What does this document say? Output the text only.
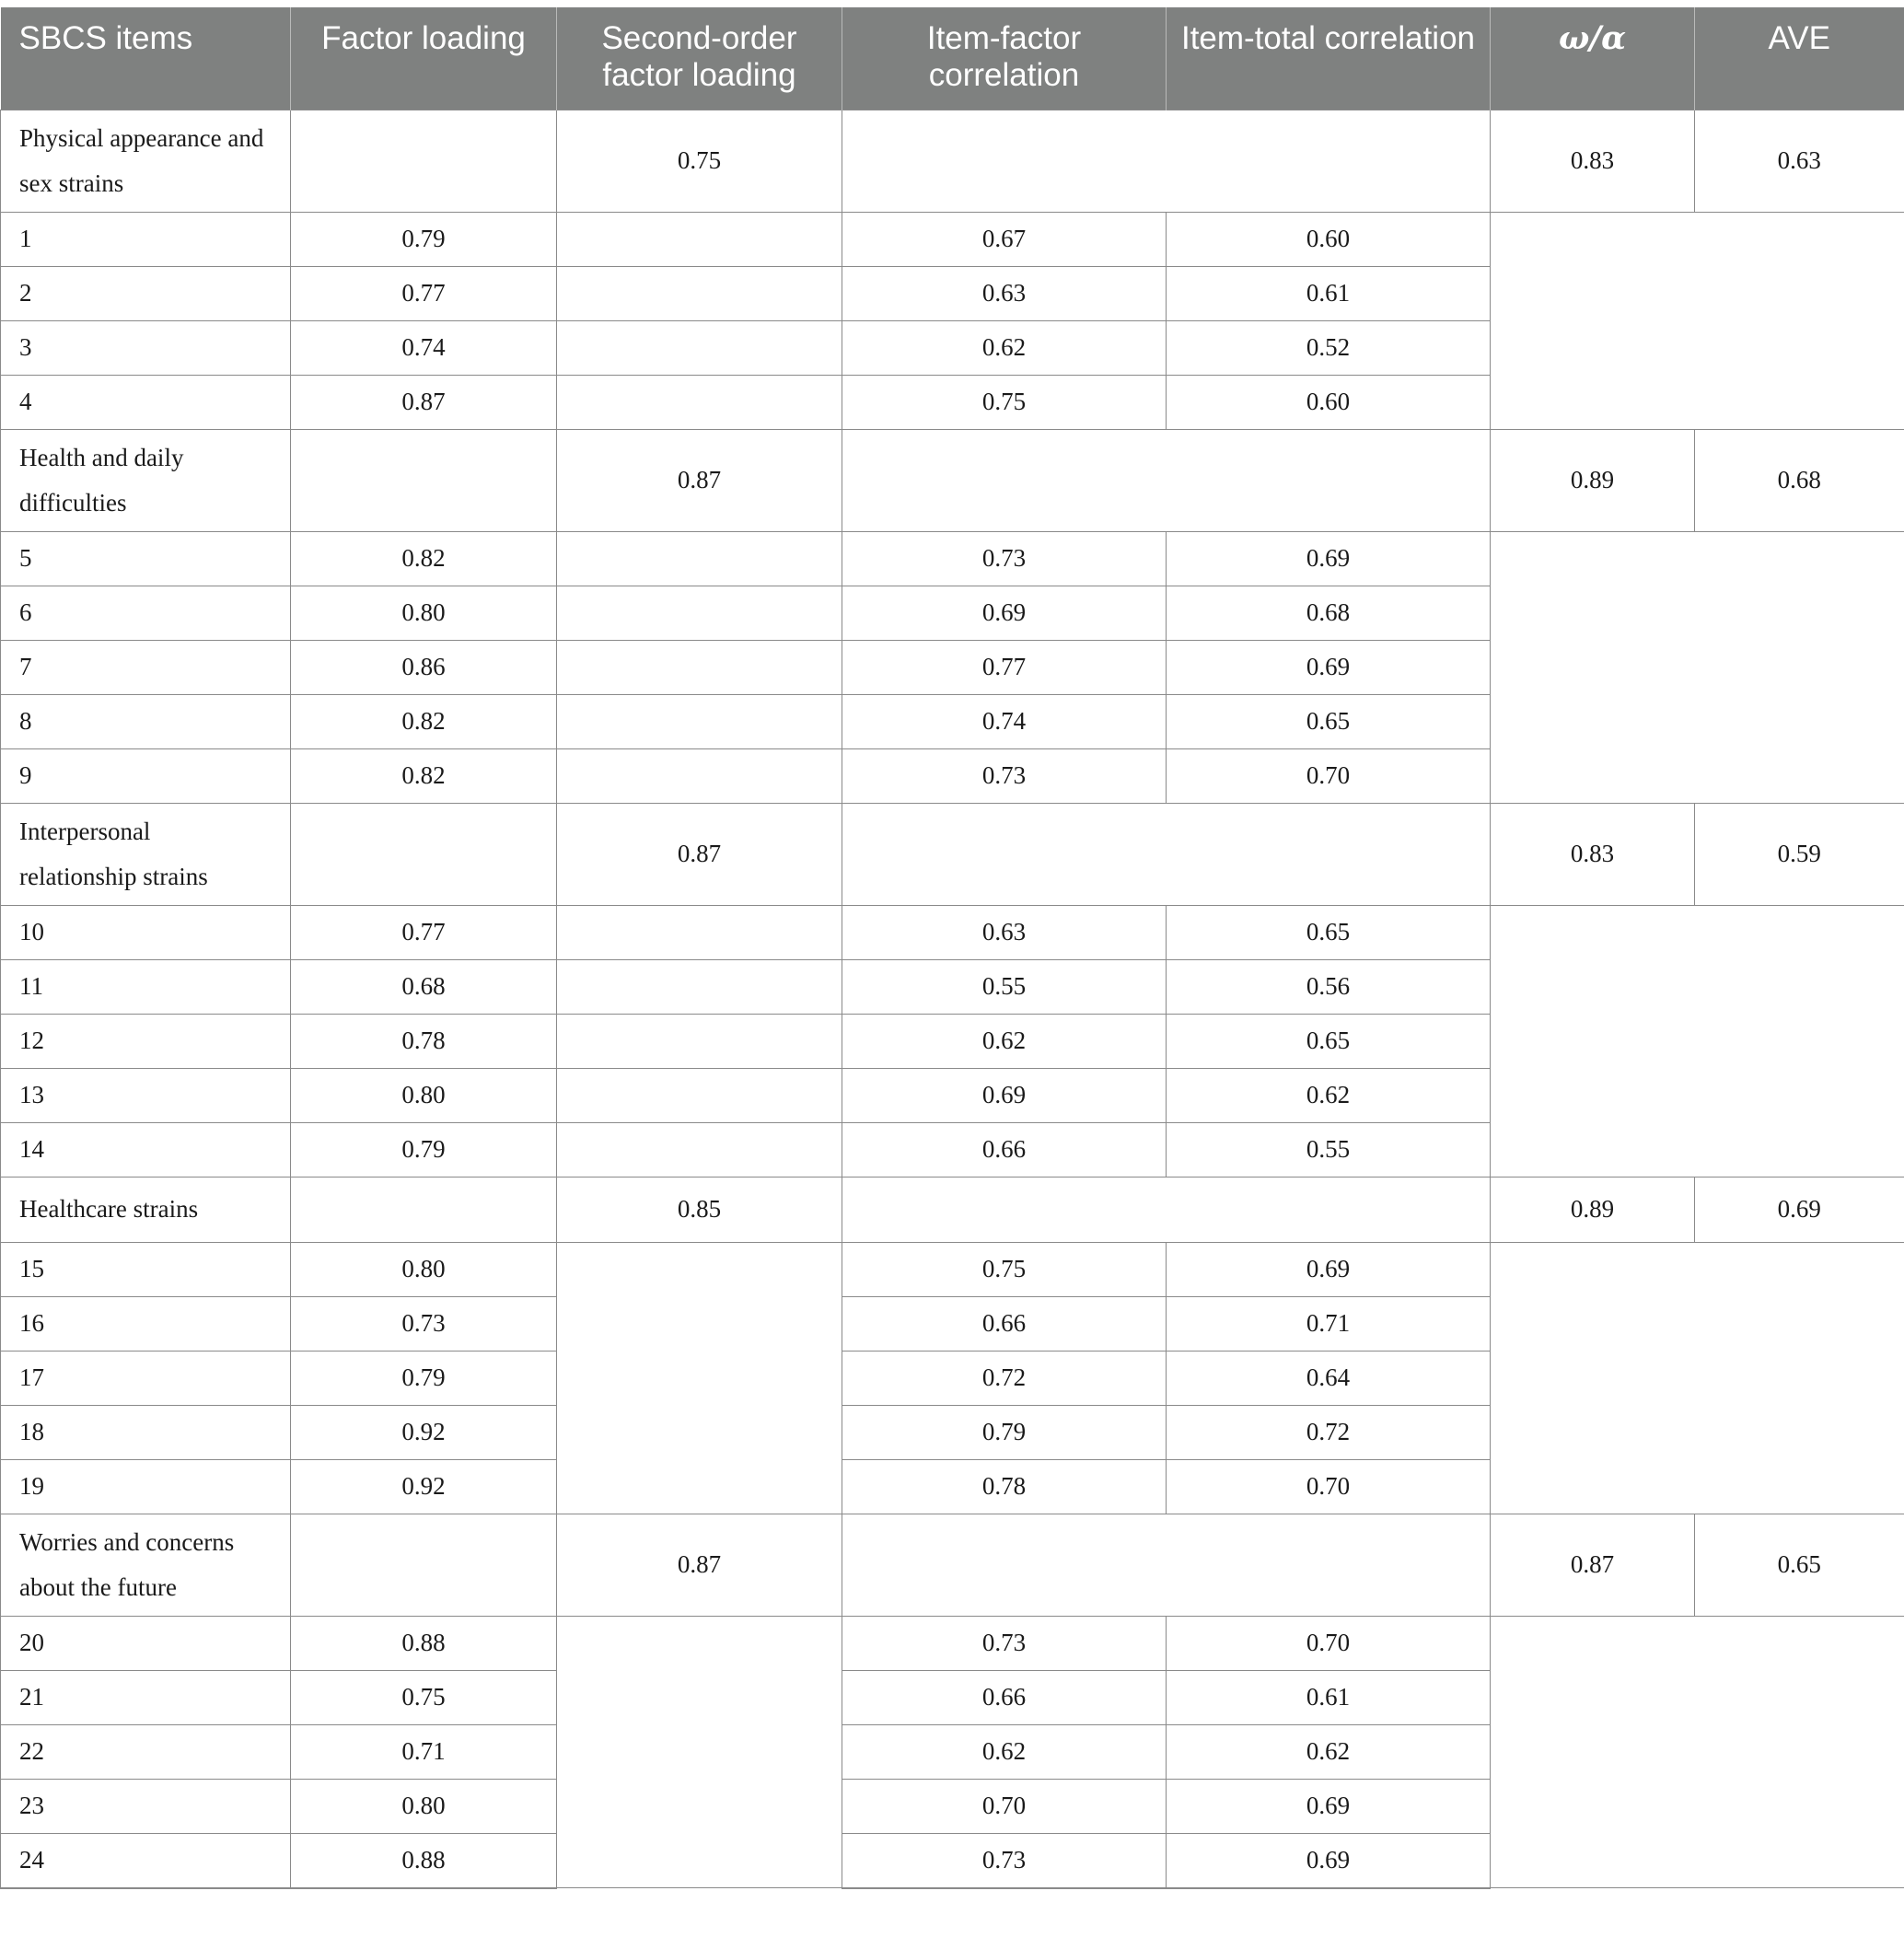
SBCS items	Factor loading	Second-order factor loading	Item-factor correlation	Item-total correlation	ω/α	AVE
Physical appearance and sex strains		0.75			0.83	0.63
1	0.79		0.67	0.60		
2	0.77		0.63	0.61		
3	0.74		0.62	0.52		
4	0.87		0.75	0.60		
Health and daily difficulties		0.87			0.89	0.68
5	0.82		0.73	0.69		
6	0.80		0.69	0.68		
7	0.86		0.77	0.69		
8	0.82		0.74	0.65		
9	0.82		0.73	0.70		
Interpersonal relationship strains		0.87			0.83	0.59
10	0.77		0.63	0.65		
11	0.68		0.55	0.56		
12	0.78		0.62	0.65		
13	0.80		0.69	0.62		
14	0.79		0.66	0.55		
Healthcare strains		0.85			0.89	0.69
15	0.80		0.75	0.69		
16	0.73		0.66	0.71		
17	0.79		0.72	0.64		
18	0.92		0.79	0.72		
19	0.92		0.78	0.70		
Worries and concerns about the future		0.87			0.87	0.65
20	0.88		0.73	0.70		
21	0.75		0.66	0.61		
22	0.71		0.62	0.62		
23	0.80		0.70	0.69		
24	0.88		0.73	0.69		
